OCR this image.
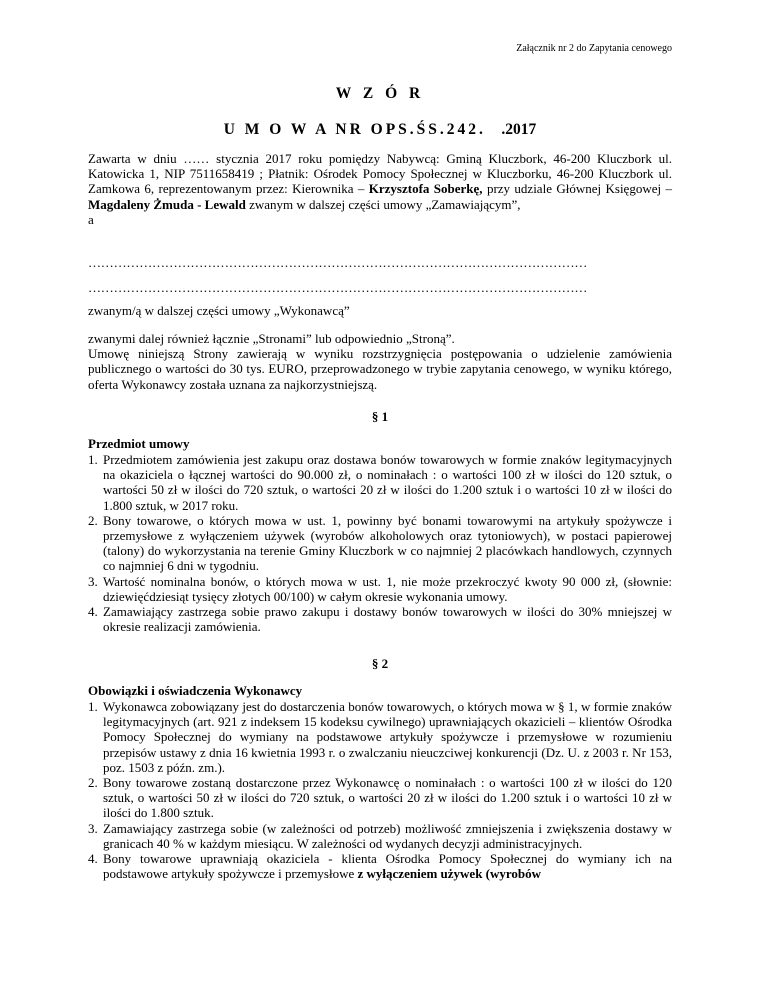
Załącznik nr 2 do Zapytania cenowego
W Z Ó R
U M O W A NR OPS.ŚS.242. .2017
Zawarta w dniu …… stycznia 2017 roku pomiędzy Nabywcą: Gminą Kluczbork, 46-200 Kluczbork ul. Katowicka 1, NIP 7511658419 ; Płatnik: Ośrodek Pomocy Społecznej w Kluczborku, 46-200 Kluczbork ul. Zamkowa 6, reprezentowanym przez: Kierownika – Krzysztofa Soberkę, przy udziale Głównej Księgowej – Magdaleny Żmuda - Lewald zwanym w dalszej części umowy „Zamawiającym”,
a
………………………………………………………………………………………………………
………………………………………………………………………………………………………
zwanym/ą w dalszej części umowy „Wykonawcą”
zwanymi dalej również łącznie „Stronami” lub odpowiednio „Stroną”.
Umowę niniejszą Strony zawierają w wyniku rozstrzygnięcia postępowania o udzielenie zamówienia publicznego o wartości do 30 tys. EURO, przeprowadzonego w trybie zapytania cenowego, w wyniku którego, oferta Wykonawcy została uznana za najkorzystniejszą.
§ 1
Przedmiot umowy
1. Przedmiotem zamówienia jest zakupu oraz dostawa bonów towarowych w formie znaków legitymacyjnych na okaziciela o łącznej wartości do 90.000 zł, o nominałach : o wartości 100 zł w ilości do 120 sztuk, o wartości 50 zł w ilości do 720 sztuk, o wartości 20 zł w ilości do 1.200 sztuk i o wartości 10 zł w ilości do 1.800 sztuk, w 2017 roku.
2. Bony towarowe, o których mowa w ust. 1, powinny być bonami towarowymi na artykuły spożywcze i przemysłowe z wyłączeniem używek (wyrobów alkoholowych oraz tytoniowych), w postaci papierowej (talony) do wykorzystania na terenie Gminy Kluczbork w co najmniej 2 placówkach handlowych, czynnych co najmniej 6 dni w tygodniu.
3. Wartość nominalna bonów, o których mowa w ust. 1, nie może przekroczyć kwoty 90 000 zł, (słownie: dziewięćdziesiąt tysięcy złotych 00/100) w całym okresie wykonania umowy.
4. Zamawiający zastrzega sobie prawo zakupu i dostawy bonów towarowych w ilości do 30% mniejszej w okresie realizacji zamówienia.
§ 2
Obowiązki i oświadczenia Wykonawcy
1. Wykonawca zobowiązany jest do dostarczenia bonów towarowych, o których mowa w § 1, w formie znaków legitymacyjnych (art. 921 z indeksem 15 kodeksu cywilnego) uprawniających okazicieli – klientów Ośrodka Pomocy Społecznej do wymiany na podstawowe artykuły spożywcze i przemysłowe w rozumieniu przepisów ustawy z dnia 16 kwietnia 1993 r. o zwalczaniu nieuczciwej konkurencji (Dz. U. z 2003 r. Nr 153, poz. 1503 z późn. zm.).
2. Bony towarowe zostaną dostarczone przez Wykonawcę o nominałach : o wartości 100 zł w ilości do 120 sztuk, o wartości 50 zł w ilości do 720 sztuk, o wartości 20 zł w ilości do 1.200 sztuk i o wartości 10 zł w ilości do 1.800 sztuk.
3. Zamawiający zastrzega sobie (w zależności od potrzeb) możliwość zmniejszenia i zwiększenia dostawy w granicach 40 % w każdym miesiącu. W zależności od wydanych decyzji administracyjnych.
4. Bony towarowe uprawniają okaziciela - klienta Ośrodka Pomocy Społecznej do wymiany ich na podstawowe artykuły spożywcze i przemysłowe z wyłączeniem używek (wyrobów
